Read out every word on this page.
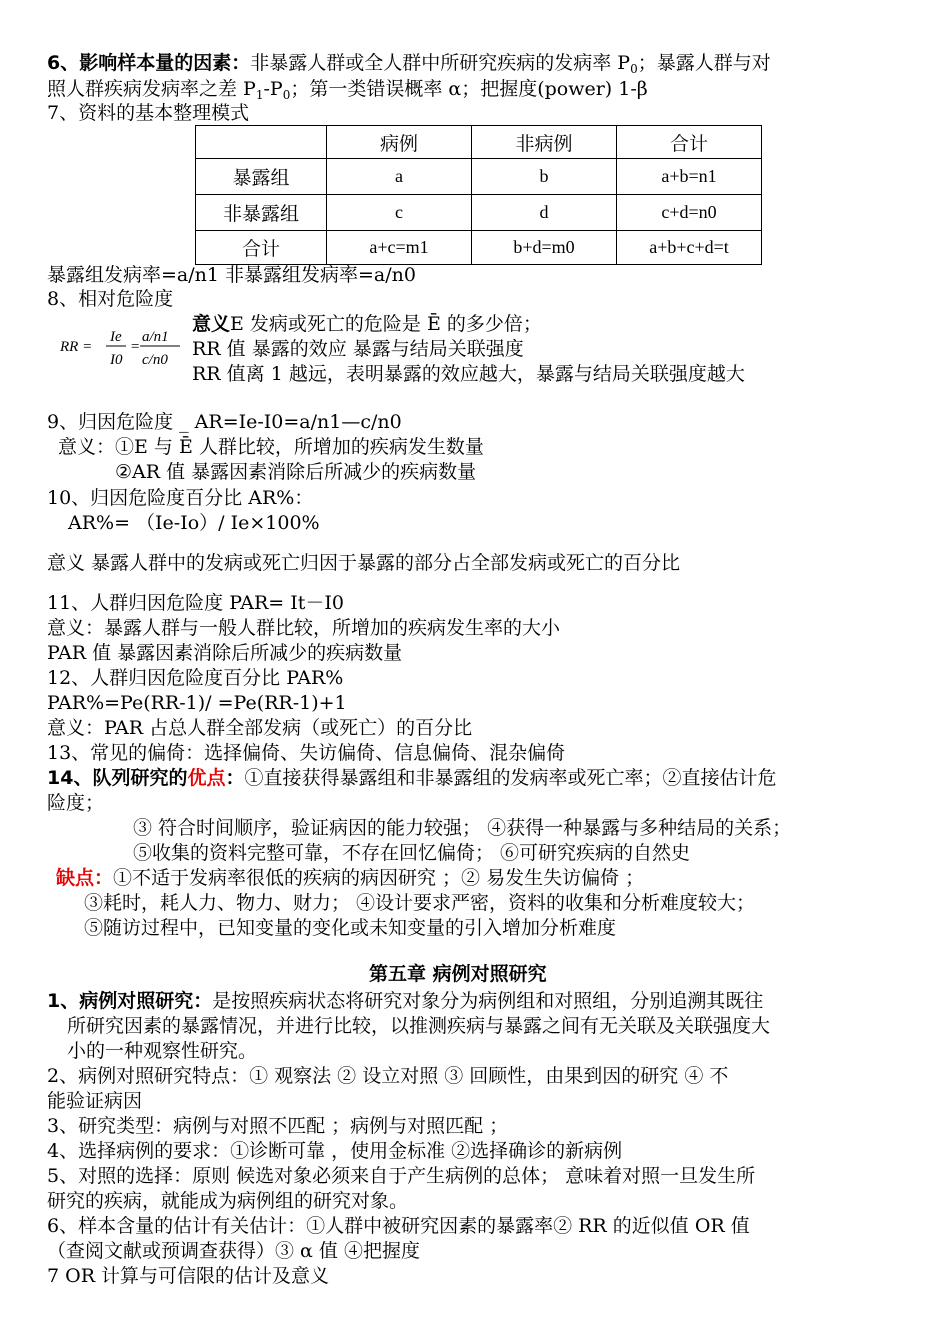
6、影响样本量的因素：非暴露人群或全人群中所研究疾病的发病率 $P_0$；暴露人群与对
照人群疾病发病率之差 $P_1-P_0$；第一类错误概率 α；把握度(power) 1-β
7、资料的基本整理模式
	病例	非病例	合计
暴露组	a	b	a+b=n1
非暴露组	c	d	c+d=n0
合计	a+c=m1	b+d=m0	a+b+c+d=t
暴露组发病率=a/n1 非暴露组发病率=a/n0
8、相对危险度
RR =
Ie
I0
=
a/n1
c/n0
意义E 发病或死亡的危险是 Ē 的多少倍；
RR 值 暴露的效应 暴露与结局关联强度
RR 值离 1 越远，表明暴露的效应越大，暴露与结局关联强度越大
9、归因危险度 _ AR=Ie-I0=a/n1—c/n0
意义：①E 与 Ē 人群比较，所增加的疾病发生数量
②AR 值 暴露因素消除后所减少的疾病数量
10、归因危险度百分比 AR%：
AR%= （Ie-Io）/ Ie×100%
意义 暴露人群中的发病或死亡归因于暴露的部分占全部发病或死亡的百分比
11、人群归因危险度 PAR= It－I0
意义：暴露人群与一般人群比较，所增加的疾病发生率的大小
PAR 值 暴露因素消除后所减少的疾病数量
12、人群归因危险度百分比 PAR%
PAR%=Pe(RR-1)/ =Pe(RR-1)+1
意义：PAR 占总人群全部发病（或死亡）的百分比
13、常见的偏倚：选择偏倚、失访偏倚、信息偏倚、混杂偏倚
14、队列研究的优点：①直接获得暴露组和非暴露组的发病率或死亡率；②直接估计危
险度；
③ 符合时间顺序，验证病因的能力较强； ④获得一种暴露与多种结局的关系；
⑤收集的资料完整可靠，不存在回忆偏倚； ⑥可研究疾病的自然史
缺点：①不适于发病率很低的疾病的病因研究 ；② 易发生失访偏倚 ；
③耗时，耗人力、物力、财力； ④设计要求严密，资料的收集和分析难度较大；
⑤随访过程中，已知变量的变化或未知变量的引入增加分析难度
第五章 病例对照研究
1、病例对照研究：是按照疾病状态将研究对象分为病例组和对照组，分别追溯其既往
所研究因素的暴露情况，并进行比较，以推测疾病与暴露之间有无关联及关联强度大
小的一种观察性研究。
2、病例对照研究特点：① 观察法 ② 设立对照 ③ 回顾性，由果到因的研究 ④ 不
能验证病因
3、研究类型：病例与对照不匹配 ；病例与对照匹配 ；
4、选择病例的要求：①诊断可靠 ，使用金标准 ②选择确诊的新病例
5、对照的选择：原则 候选对象必须来自于产生病例的总体； 意味着对照一旦发生所
研究的疾病，就能成为病例组的研究对象。
6、样本含量的估计有关估计：①人群中被研究因素的暴露率② RR 的近似值 OR 值
（查阅文献或预调查获得）③ α 值 ④把握度
7 OR 计算与可信限的估计及意义
